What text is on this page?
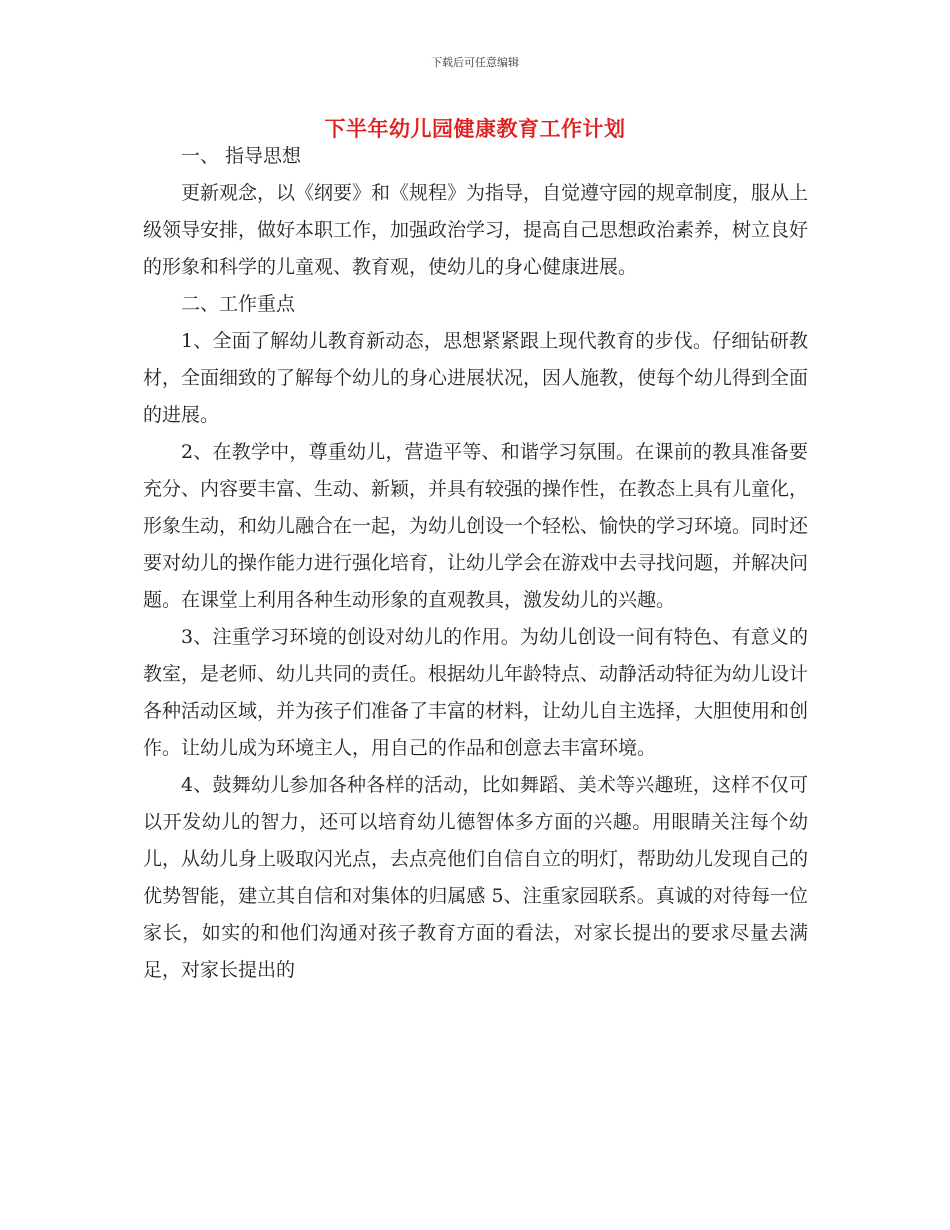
下载后可任意编辑
下半年幼儿园健康教育工作计划

一、 指导思想

更新观念，以《纲要》和《规程》为指导，自觉遵守园的规章制度，服从上级领导安排，做好本职工作，加强政治学习，提高自己思想政治素养，树立良好的形象和科学的儿童观、教育观，使幼儿的身心健康进展。

二、工作重点

1、全面了解幼儿教育新动态，思想紧紧跟上现代教育的步伐。仔细钻研教材，全面细致的了解每个幼儿的身心进展状况，因人施教，使每个幼儿得到全面的进展。

2、在教学中，尊重幼儿，营造平等、和谐学习氛围。在课前的教具准备要充分、内容要丰富、生动、新颖，并具有较强的操作性，在教态上具有儿童化，形象生动，和幼儿融合在一起，为幼儿创设一个轻松、愉快的学习环境。同时还要对幼儿的操作能力进行强化培育，让幼儿学会在游戏中去寻找问题，并解决问题。在课堂上利用各种生动形象的直观教具，激发幼儿的兴趣。

3、注重学习环境的创设对幼儿的作用。为幼儿创设一间有特色、有意义的教室，是老师、幼儿共同的责任。根据幼儿年龄特点、动静活动特征为幼儿设计各种活动区域，并为孩子们准备了丰富的材料，让幼儿自主选择，大胆使用和创作。让幼儿成为环境主人，用自己的作品和创意去丰富环境。

4、鼓舞幼儿参加各种各样的活动，比如舞蹈、美术等兴趣班，这样不仅可以开发幼儿的智力，还可以培育幼儿德智体多方面的兴趣。用眼睛关注每个幼儿，从幼儿身上吸取闪光点，去点亮他们自信自立的明灯，帮助幼儿发现自己的优势智能，建立其自信和对集体的归属感 5、注重家园联系。真诚的对待每一位家长，如实的和他们沟通对孩子教育方面的看法，对家长提出的要求尽量去满足，对家长提出的
